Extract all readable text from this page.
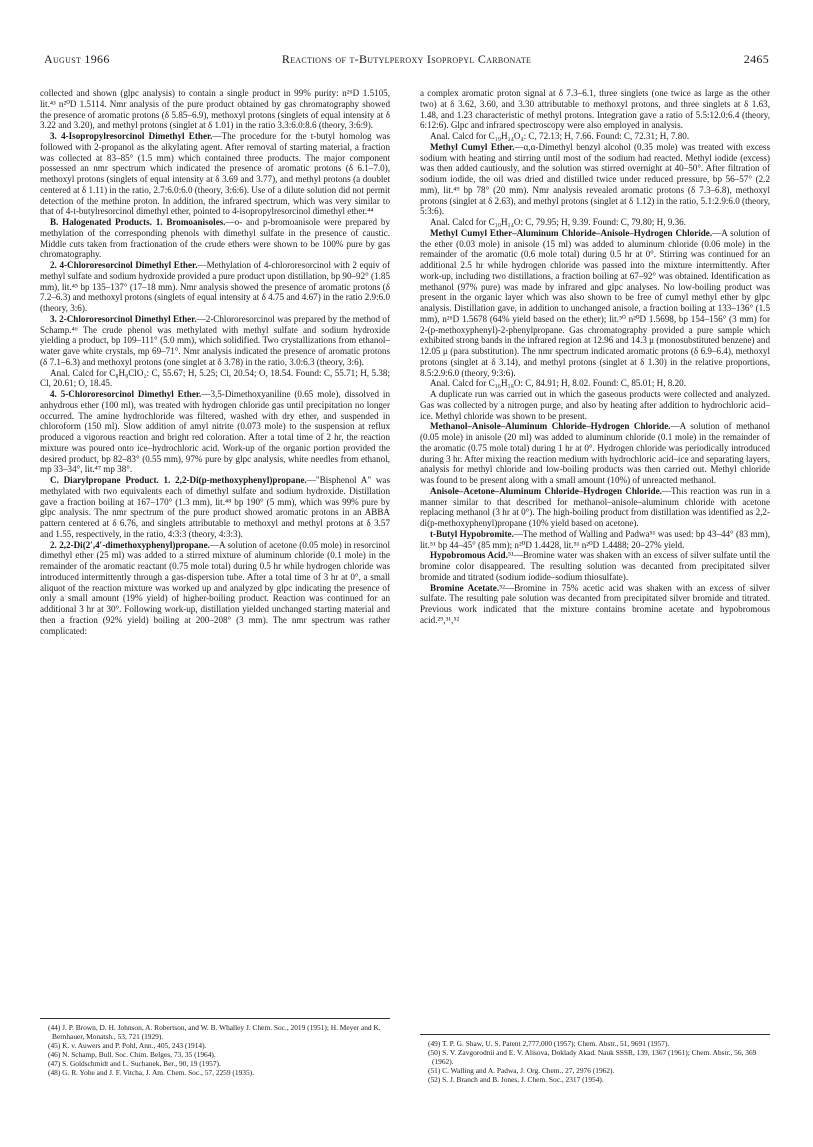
August 1966	Reactions of t-Butylperoxy Isopropyl Carbonate	2465

collected and shown (glpc analysis) to contain a single product in 99% purity: n²⁶D 1.5105, lit.⁴³ n²⁰D 1.5114. Nmr analysis of the pure product obtained by gas chromatography showed the presence of aromatic protons (δ 5.85–6.9), methoxyl protons (singlets of equal intensity at δ 3.22 and 3.20), and methyl protons (singlet at δ 1.01) in the ratio 3.3:6.0:8.6 (theory, 3:6:9).

3. 4-Isopropylresorcinol Dimethyl Ether.—The procedure for the t-butyl homolog was followed with 2-propanol as the alkylating agent. After removal of starting material, a fraction was collected at 83–85° (1.5 mm) which contained three products. The major component possessed an nmr spectrum which indicated the presence of aromatic protons (δ 6.1–7.0), methoxyl protons (singlets of equal intensity at δ 3.69 and 3.77), and methyl protons (a doublet centered at δ 1.11) in the ratio, 2.7:6.0:6.0 (theory, 3:6:6). Use of a dilute solution did not permit detection of the methine proton. In addition, the infrared spectrum, which was very similar to that of 4-t-butylresorcinol dimethyl ether, pointed to 4-isopropylresorcinol dimethyl ether.⁴⁴

B. Halogenated Products. 1. Bromoanisoles.—o- and p-bromoanisole were prepared by methylation of the corresponding phenols with dimethyl sulfate in the presence of caustic. Middle cuts taken from fractionation of the crude ethers were shown to be 100% pure by gas chromatography.

2. 4-Chlororesorcinol Dimethyl Ether.—Methylation of 4-chlororesorcinol with 2 equiv of methyl sulfate and sodium hydroxide provided a pure product upon distillation, bp 90–92° (1.85 mm), lit.⁴⁵ bp 135–137° (17–18 mm). Nmr analysis showed the presence of aromatic protons (δ 7.2–6.3) and methoxyl protons (singlets of equal intensity at δ 4.75 and 4.67) in the ratio 2.9:6.0 (theory, 3:6).

3. 2-Chlororesorcinol Dimethyl Ether.—2-Chlororesorcinol was prepared by the method of Schamp.⁴⁶ The crude phenol was methylated with methyl sulfate and sodium hydroxide yielding a product, bp 109–111° (5.0 mm), which solidified. Two crystallizations from ethanol–water gave white crystals, mp 69–71°. Nmr analysis indicated the presence of aromatic protons (δ 7.1–6.3) and methoxyl protons (one singlet at δ 3.78) in the ratio, 3.0:6.3 (theory, 3:6).

Anal. Calcd for C₈H₉ClO₂: C, 55.67; H, 5.25; Cl, 20.54; O, 18.54. Found: C, 55.71; H, 5.38; Cl, 20.61; O, 18.45.

4. 5-Chlororesorcinol Dimethyl Ether.—3,5-Dimethoxyaniline (0.65 mole), dissolved in anhydrous ether (100 ml), was treated with hydrogen chloride gas until precipitation no longer occurred. The amine hydrochloride was filtered, washed with dry ether, and suspended in chloroform (150 ml). Slow addition of amyl nitrite (0.073 mole) to the suspension at reflux produced a vigorous reaction and bright red coloration. After a total time of 2 hr, the reaction mixture was poured onto ice–hydrochloric acid. Work-up of the organic portion provided the desired product, bp 82–83° (0.55 mm), 97% pure by glpc analysis, white needles from ethanol, mp 33–34°, lit.⁴⁷ mp 38°.

C. Diarylpropane Product. 1. 2,2-Di(p-methoxyphenyl)propane.—"Bisphenol A" was methylated with two equivalents each of dimethyl sulfate and sodium hydroxide. Distillation gave a fraction boiling at 167–170° (1.3 mm), lit.⁴⁸ bp 190° (5 mm), which was 99% pure by glpc analysis. The nmr spectrum of the pure product showed aromatic protons in an ABBA pattern centered at δ 6.76, and singlets attributable to methoxyl and methyl protons at δ 3.57 and 1.55, respectively, in the ratio, 4:3:3 (theory, 4:3:3).

2. 2,2-Di(2′,4′-dimethoxyphenyl)propane.—A solution of acetone (0.05 mole) in resorcinol dimethyl ether (25 ml) was added to a stirred mixture of aluminum chloride (0.1 mole) in the remainder of the aromatic reactant (0.75 mole total) during 0.5 hr while hydrogen chloride was introduced intermittently through a gas-dispersion tube. After a total time of 3 hr at 0°, a small aliquot of the reaction mixture was worked up and analyzed by glpc indicating the presence of only a small amount (19% yield) of higher-boiling product. Reaction was continued for an additional 3 hr at 30°. Following work-up, distillation yielded unchanged starting material and then a fraction (92% yield) boiling at 200–208° (3 mm). The nmr spectrum was rather complicated:

a complex aromatic proton signal at δ 7.3–6.1, three singlets (one twice as large as the other two) at δ 3.62, 3.60, and 3.30 attributable to methoxyl protons, and three singlets at δ 1.63, 1.48, and 1.23 characteristic of methyl protons. Integration gave a ratio of 5.5:12.0:6.4 (theory, 6:12:6). Glpc and infrared spectroscopy were also employed in analysis.

Anal. Calcd for C₁₉H₂₄O₄: C, 72.13; H, 7.66. Found: C, 72.31; H, 7.80.

Methyl Cumyl Ether.—α,α-Dimethyl benzyl alcohol (0.35 mole) was treated with excess sodium with heating and stirring until most of the sodium had reacted. Methyl iodide (excess) was then added cautiously, and the solution was stirred overnight at 40–50°. After filtration of sodium iodide, the oil was dried and distilled twice under reduced pressure, bp 56–57° (2.2 mm), lit.⁴⁹ bp 78° (20 mm). Nmr analysis revealed aromatic protons (δ 7.3–6.8), methoxyl protons (singlet at δ 2.63), and methyl protons (singlet at δ 1.12) in the ratio, 5.1:2.9:6.0 (theory, 5:3:6).

Anal. Calcd for C₁₀H₁₄O: C, 79.95; H, 9.39. Found: C, 79.80; H, 9.36.

Methyl Cumyl Ether–Aluminum Chloride–Anisole–Hydrogen Chloride.—A solution of the ether (0.03 mole) in anisole (15 ml) was added to aluminum chloride (0.06 mole) in the remainder of the aromatic (0.6 mole total) during 0.5 hr at 0°. Stirring was continued for an additional 2.5 hr while hydrogen chloride was passed into the mixture intermittently. After work-up, including two distillations, a fraction boiling at 67–92° was obtained. Identification as methanol (97% pure) was made by infrared and glpc analyses. No low-boiling product was present in the organic layer which was also shown to be free of cumyl methyl ether by glpc analysis. Distillation gave, in addition to unchanged anisole, a fraction boiling at 133–136° (1.5 mm), n²⁶D 1.5678 (64% yield based on the ether); lit.⁵⁰ n²⁰D 1.5698, bp 154–156° (3 mm) for 2-(p-methoxyphenyl)-2-phenylpropane. Gas chromatography provided a pure sample which exhibited strong bands in the infrared region at 12.96 and 14.3 μ (monosubstituted benzene) and 12.05 μ (para substitution). The nmr spectrum indicated aromatic protons (δ 6.9–6.4), methoxyl protons (singlet at δ 3.14), and methyl protons (singlet at δ 1.30) in the relative proportions, 8.5:2.9:6.0 (theory, 9:3:6).

Anal. Calcd for C₁₆H₁₈O: C, 84.91; H, 8.02. Found: C, 85.01; H, 8.20.

A duplicate run was carried out in which the gaseous products were collected and analyzed. Gas was collected by a nitrogen purge, and also by heating after addition to hydrochloric acid–ice. Methyl chloride was shown to be present.

Methanol–Anisole–Aluminum Chloride–Hydrogen Chloride.—A solution of methanol (0.05 mole) in anisole (20 ml) was added to aluminum chloride (0.1 mole) in the remainder of the aromatic (0.75 mole total) during 1 hr at 0°. Hydrogen chloride was periodically introduced during 3 hr. After mixing the reaction medium with hydrochloric acid–ice and separating layers, analysis for methyl chloride and low-boiling products was then carried out. Methyl chloride was found to be present along with a small amount (10%) of unreacted methanol.

Anisole–Acetone–Aluminum Chloride–Hydrogen Chloride.—This reaction was run in a manner similar to that described for methanol–anisole–aluminum chloride with acetone replacing methanol (3 hr at 0°). The high-boiling product from distillation was identified as 2,2-di(p-methoxyphenyl)propane (10% yield based on acetone).

t-Butyl Hypobromite.—The method of Walling and Padwa⁵¹ was used: bp 43–44° (83 mm), lit.⁵¹ bp 44–45° (85 mm); n²⁰D 1.4428, lit.⁵¹ n²⁰D 1.4488; 20–27% yield.

Hypobromous Acid.⁵¹—Bromine water was shaken with an excess of silver sulfate until the bromine color disappeared. The resulting solution was decanted from precipitated silver bromide and titrated (sodium iodide–sodium thiosulfate).

Bromine Acetate.⁵²—Bromine in 75% acetic acid was shaken with an excess of silver sulfate. The resulting pale solution was decanted from precipitated silver bromide and titrated. Previous work indicated that the mixture contains bromine acetate and hypobromous acid.²⁹,³¹,⁵²

(44) J. P. Brown, D. H. Johnson, A. Robertson, and W. B. Whalley J. Chem. Soc., 2019 (1951); H. Meyer and K. Bernhauer, Monatsh., 53, 721 (1929).
(45) K. v. Auwers and P. Pohl, Ann., 405, 243 (1914).
(46) N. Schamp, Bull. Soc. Chim. Belges, 73, 35 (1964).
(47) S. Goldschmidt and L. Suchanek, Ber., 90, 19 (1957).
(48) G. R. Yohe and J. F. Vitcha, J. Am. Chem. Soc., 57, 2259 (1935).
(49) T. P. G. Shaw, U. S. Patent 2,777,000 (1957); Chem. Abstr., 51, 9691 (1957).
(50) S. V. Zavgorodnii and E. V. Alisova, Doklady Akad. Nauk SSSR, 139, 1367 (1961); Chem. Abstr., 56, 369 (1962).
(51) C. Walling and A. Padwa, J. Org. Chem., 27, 2976 (1962).
(52) S. J. Branch and B. Jones, J. Chem. Soc., 2317 (1954).
